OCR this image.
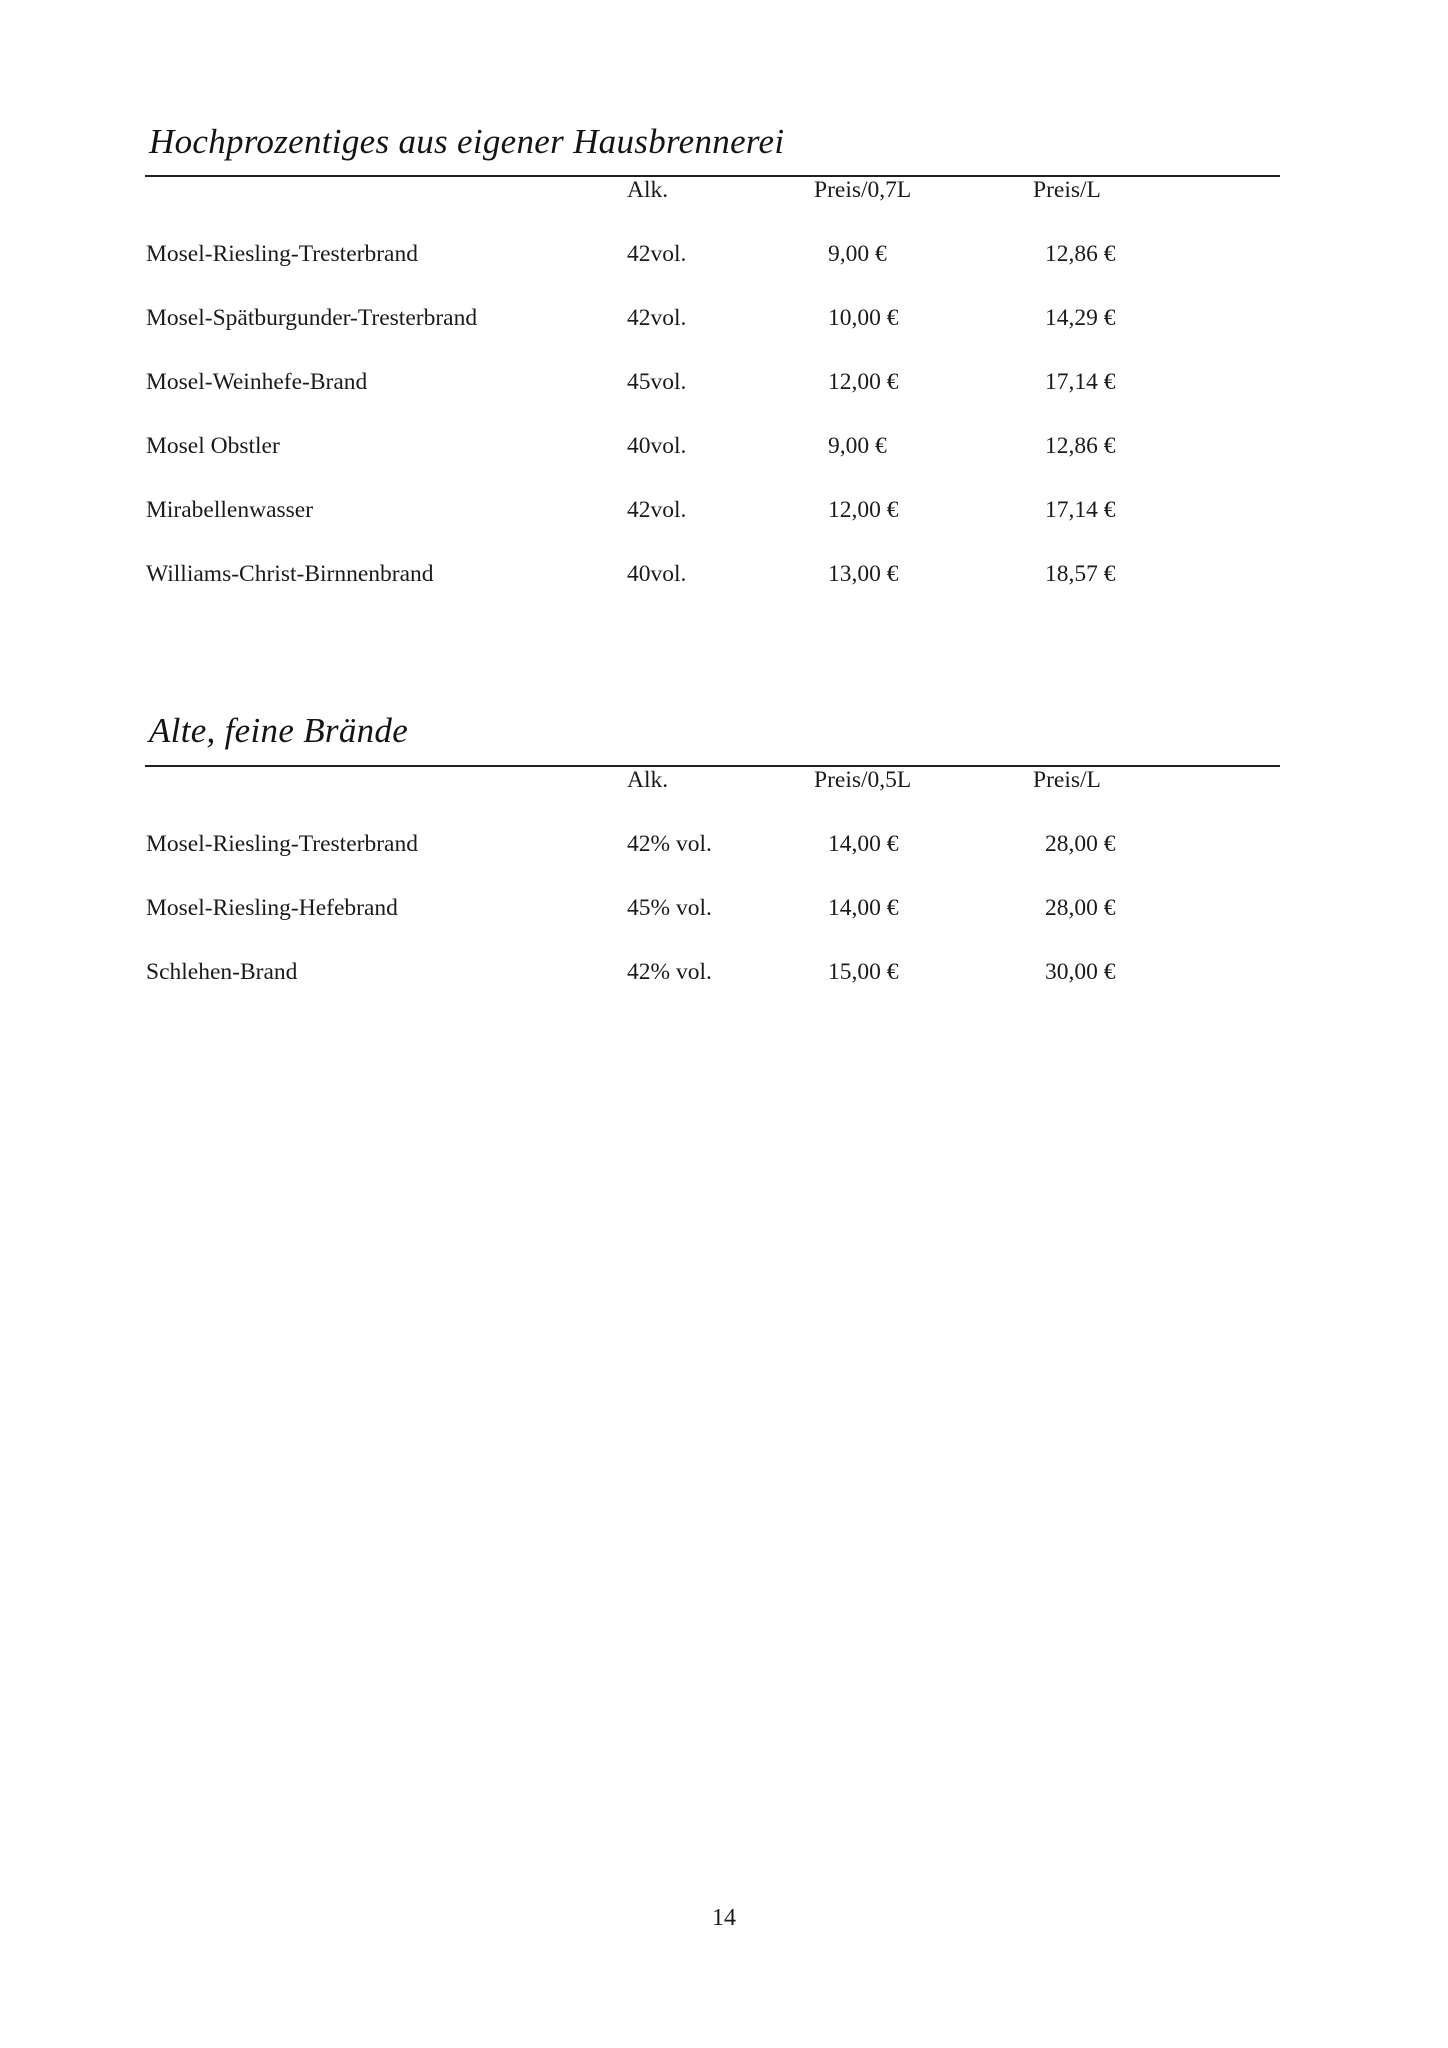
Hochprozentiges aus eigener Hausbrennerei
	Alk.	Preis/0,7L	Preis/L
Mosel-Riesling-Tresterbrand	42vol.	9,00 €	12,86 €
Mosel-Spätburgunder-Tresterbrand	42vol.	10,00 €	14,29 €
Mosel-Weinhefe-Brand	45vol.	12,00 €	17,14 €
Mosel Obstler	40vol.	9,00 €	12,86 €
Mirabellenwasser	42vol.	12,00 €	17,14 €
Williams-Christ-Birnnenbrand	40vol.	13,00 €	18,57 €
Alte, feine Brände
	Alk.	Preis/0,5L	Preis/L
Mosel-Riesling-Tresterbrand	42% vol.	14,00 €	28,00 €
Mosel-Riesling-Hefebrand	45% vol.	14,00 €	28,00 €
Schlehen-Brand	42% vol.	15,00 €	30,00 €
14
